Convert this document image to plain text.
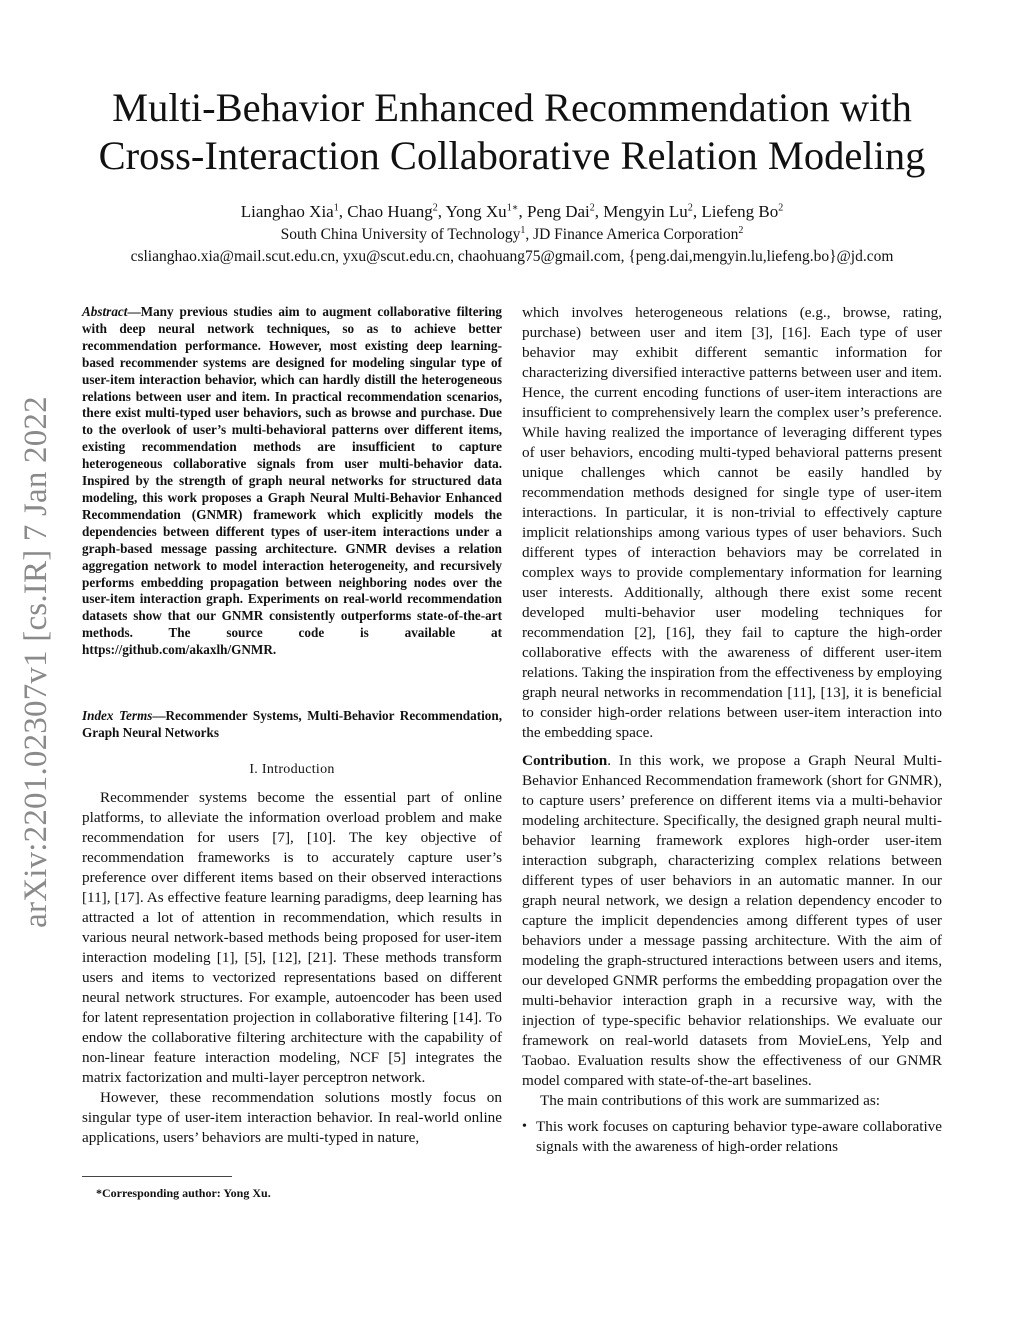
arXiv:2201.02307v1 [cs.IR] 7 Jan 2022
Multi-Behavior Enhanced Recommendation with
Cross-Interaction Collaborative Relation Modeling
Lianghao Xia$^1$, Chao Huang$^2$, Yong $Xu^{1∗}$, Peng Dai$^2$, Mengyin Lu$^2$, Liefeng Bo$^2$
South China University of Technology$^1$, JD Finance America Corporation$^2$
cslianghao.xia@mail.scut.edu.cn, yxu@scut.edu.cn, chaohuang75@gmail.com, {peng.dai,mengyin.lu,liefeng.bo}@jd.com
Abstract—Many previous studies aim to augment collaborative filtering with deep neural network techniques, so as to achieve better recommendation performance. However, most existing deep learning-based recommender systems are designed for modeling singular type of user-item interaction behavior, which can hardly distill the heterogeneous relations between user and item. In practical recommendation scenarios, there exist multi-typed user behaviors, such as browse and purchase. Due to the overlook of user’s multi-behavioral patterns over different items, existing recommendation methods are insufficient to capture heterogeneous collaborative signals from user multi-behavior data. Inspired by the strength of graph neural networks for structured data modeling, this work proposes a Graph Neural Multi-Behavior Enhanced Recommendation (GNMR) framework which explicitly models the dependencies between different types of user-item interactions under a graph-based message passing architecture. GNMR devises a relation aggregation network to model interaction heterogeneity, and recursively performs embedding propagation between neighboring nodes over the user-item interaction graph. Experiments on real-world recommendation datasets show that our GNMR consistently outperforms state-of-the-art methods. The source code is available at https://github.com/akaxlh/GNMR.
Index Terms—Recommender Systems, Multi-Behavior Recommendation, Graph Neural Networks
I. Introduction

Recommender systems become the essential part of online platforms, to alleviate the information overload problem and make recommendation for users [7], [10]. The key objective of recommendation frameworks is to accurately capture user’s preference over different items based on their observed interactions [11], [17]. As effective feature learning paradigms, deep learning has attracted a lot of attention in recommendation, which results in various neural network-based methods being proposed for user-item interaction modeling [1], [5], [12], [21]. These methods transform users and items to vectorized representations based on different neural network structures. For example, autoencoder has been used for latent representation projection in collaborative filtering [14]. To endow the collaborative filtering architecture with the capability of non-linear feature interaction modeling, NCF [5] integrates the matrix factorization and multi-layer perceptron network.

However, these recommendation solutions mostly focus on singular type of user-item interaction behavior. In real-world online applications, users’ behaviors are multi-typed in nature,

*Corresponding author: Yong Xu.

which involves heterogeneous relations (e.g., browse, rating, purchase) between user and item [3], [16]. Each type of user behavior may exhibit different semantic information for characterizing diversified interactive patterns between user and item. Hence, the current encoding functions of user-item interactions are insufficient to comprehensively learn the complex user’s preference. While having realized the importance of leveraging different types of user behaviors, encoding multi-typed behavioral patterns present unique challenges which cannot be easily handled by recommendation methods designed for single type of user-item interactions. In particular, it is non-trivial to effectively capture implicit relationships among various types of user behaviors. Such different types of interaction behaviors may be correlated in complex ways to provide complementary information for learning user interests. Additionally, although there exist some recent developed multi-behavior user modeling techniques for recommendation [2], [16], they fail to capture the high-order collaborative effects with the awareness of different user-item relations. Taking the inspiration from the effectiveness by employing graph neural networks in recommendation [11], [13], it is beneficial to consider high-order relations between user-item interaction into the embedding space.

Contribution. In this work, we propose a Graph Neural Multi-Behavior Enhanced Recommendation framework (short for GNMR), to capture users’ preference on different items via a multi-behavior modeling architecture. Specifically, the designed graph neural multi-behavior learning framework explores high-order user-item interaction subgraph, characterizing complex relations between different types of user behaviors in an automatic manner. In our graph neural network, we design a relation dependency encoder to capture the implicit dependencies among different types of user behaviors under a message passing architecture. With the aim of modeling the graph-structured interactions between users and items, our developed GNMR performs the embedding propagation over the multi-behavior interaction graph in a recursive way, with the injection of type-specific behavior relationships. We evaluate our framework on real-world datasets from MovieLens, Yelp and Taobao. Evaluation results show the effectiveness of our GNMR model compared with state-of-the-art baselines.

The main contributions of this work are summarized as:

• This work focuses on capturing behavior type-aware collaborative signals with the awareness of high-order relations
